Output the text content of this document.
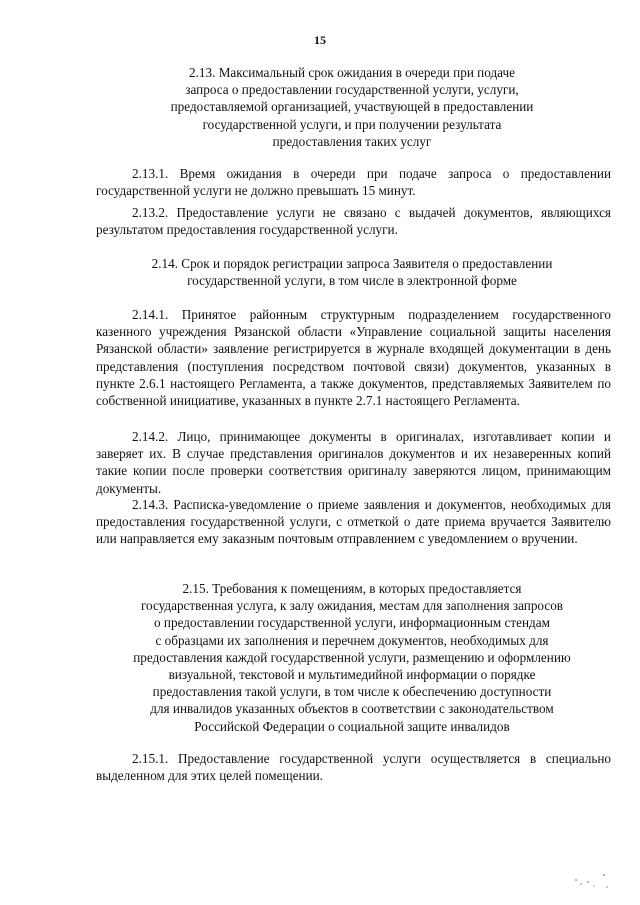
15
2.13. Максимальный срок ожидания в очереди при подаче
запроса о предоставлении государственной услуги, услуги,
предоставляемой организацией, участвующей в предоставлении
государственной услуги, и при получении результата
предоставления таких услуг
2.13.1. Время ожидания в очереди при подаче запроса о предоставлении государственной услуги не должно превышать 15 минут.
2.13.2. Предоставление услуги не связано с выдачей документов, являющихся результатом предоставления государственной услуги.
2.14. Срок и порядок регистрации запроса Заявителя о предоставлении
государственной услуги, в том числе в электронной форме
2.14.1. Принятое районным структурным подразделением государственного казенного учреждения Рязанской области «Управление социальной защиты населения Рязанской области» заявление регистрируется в журнале входящей документации в день представления (поступления посредством почтовой связи) документов, указанных в пункте 2.6.1 настоящего Регламента, а также документов, представляемых Заявителем по собственной инициативе, указанных в пункте 2.7.1 настоящего Регламента.
2.14.2. Лицо, принимающее документы в оригиналах, изготавливает копии и заверяет их. В случае представления оригиналов документов и их незаверенных копий такие копии после проверки соответствия оригиналу заверяются лицом, принимающим документы.
2.14.3. Расписка-уведомление о приеме заявления и документов, необходимых для предоставления государственной услуги, с отметкой о дате приема вручается Заявителю или направляется ему заказным почтовым отправлением с уведомлением о вручении.
2.15. Требования к помещениям, в которых предоставляется
государственная услуга, к залу ожидания, местам для заполнения запросов
о предоставлении государственной услуги, информационным стендам
с образцами их заполнения и перечнем документов, необходимых для
предоставления каждой государственной услуги, размещению и оформлению
визуальной, текстовой и мультимедийной информации о порядке
предоставления такой услуги, в том числе к обеспечению доступности
для инвалидов указанных объектов в соответствии с законодательством
Российской Федерации о социальной защите инвалидов
2.15.1. Предоставление государственной услуги осуществляется в специально выделенном для этих целей помещении.
